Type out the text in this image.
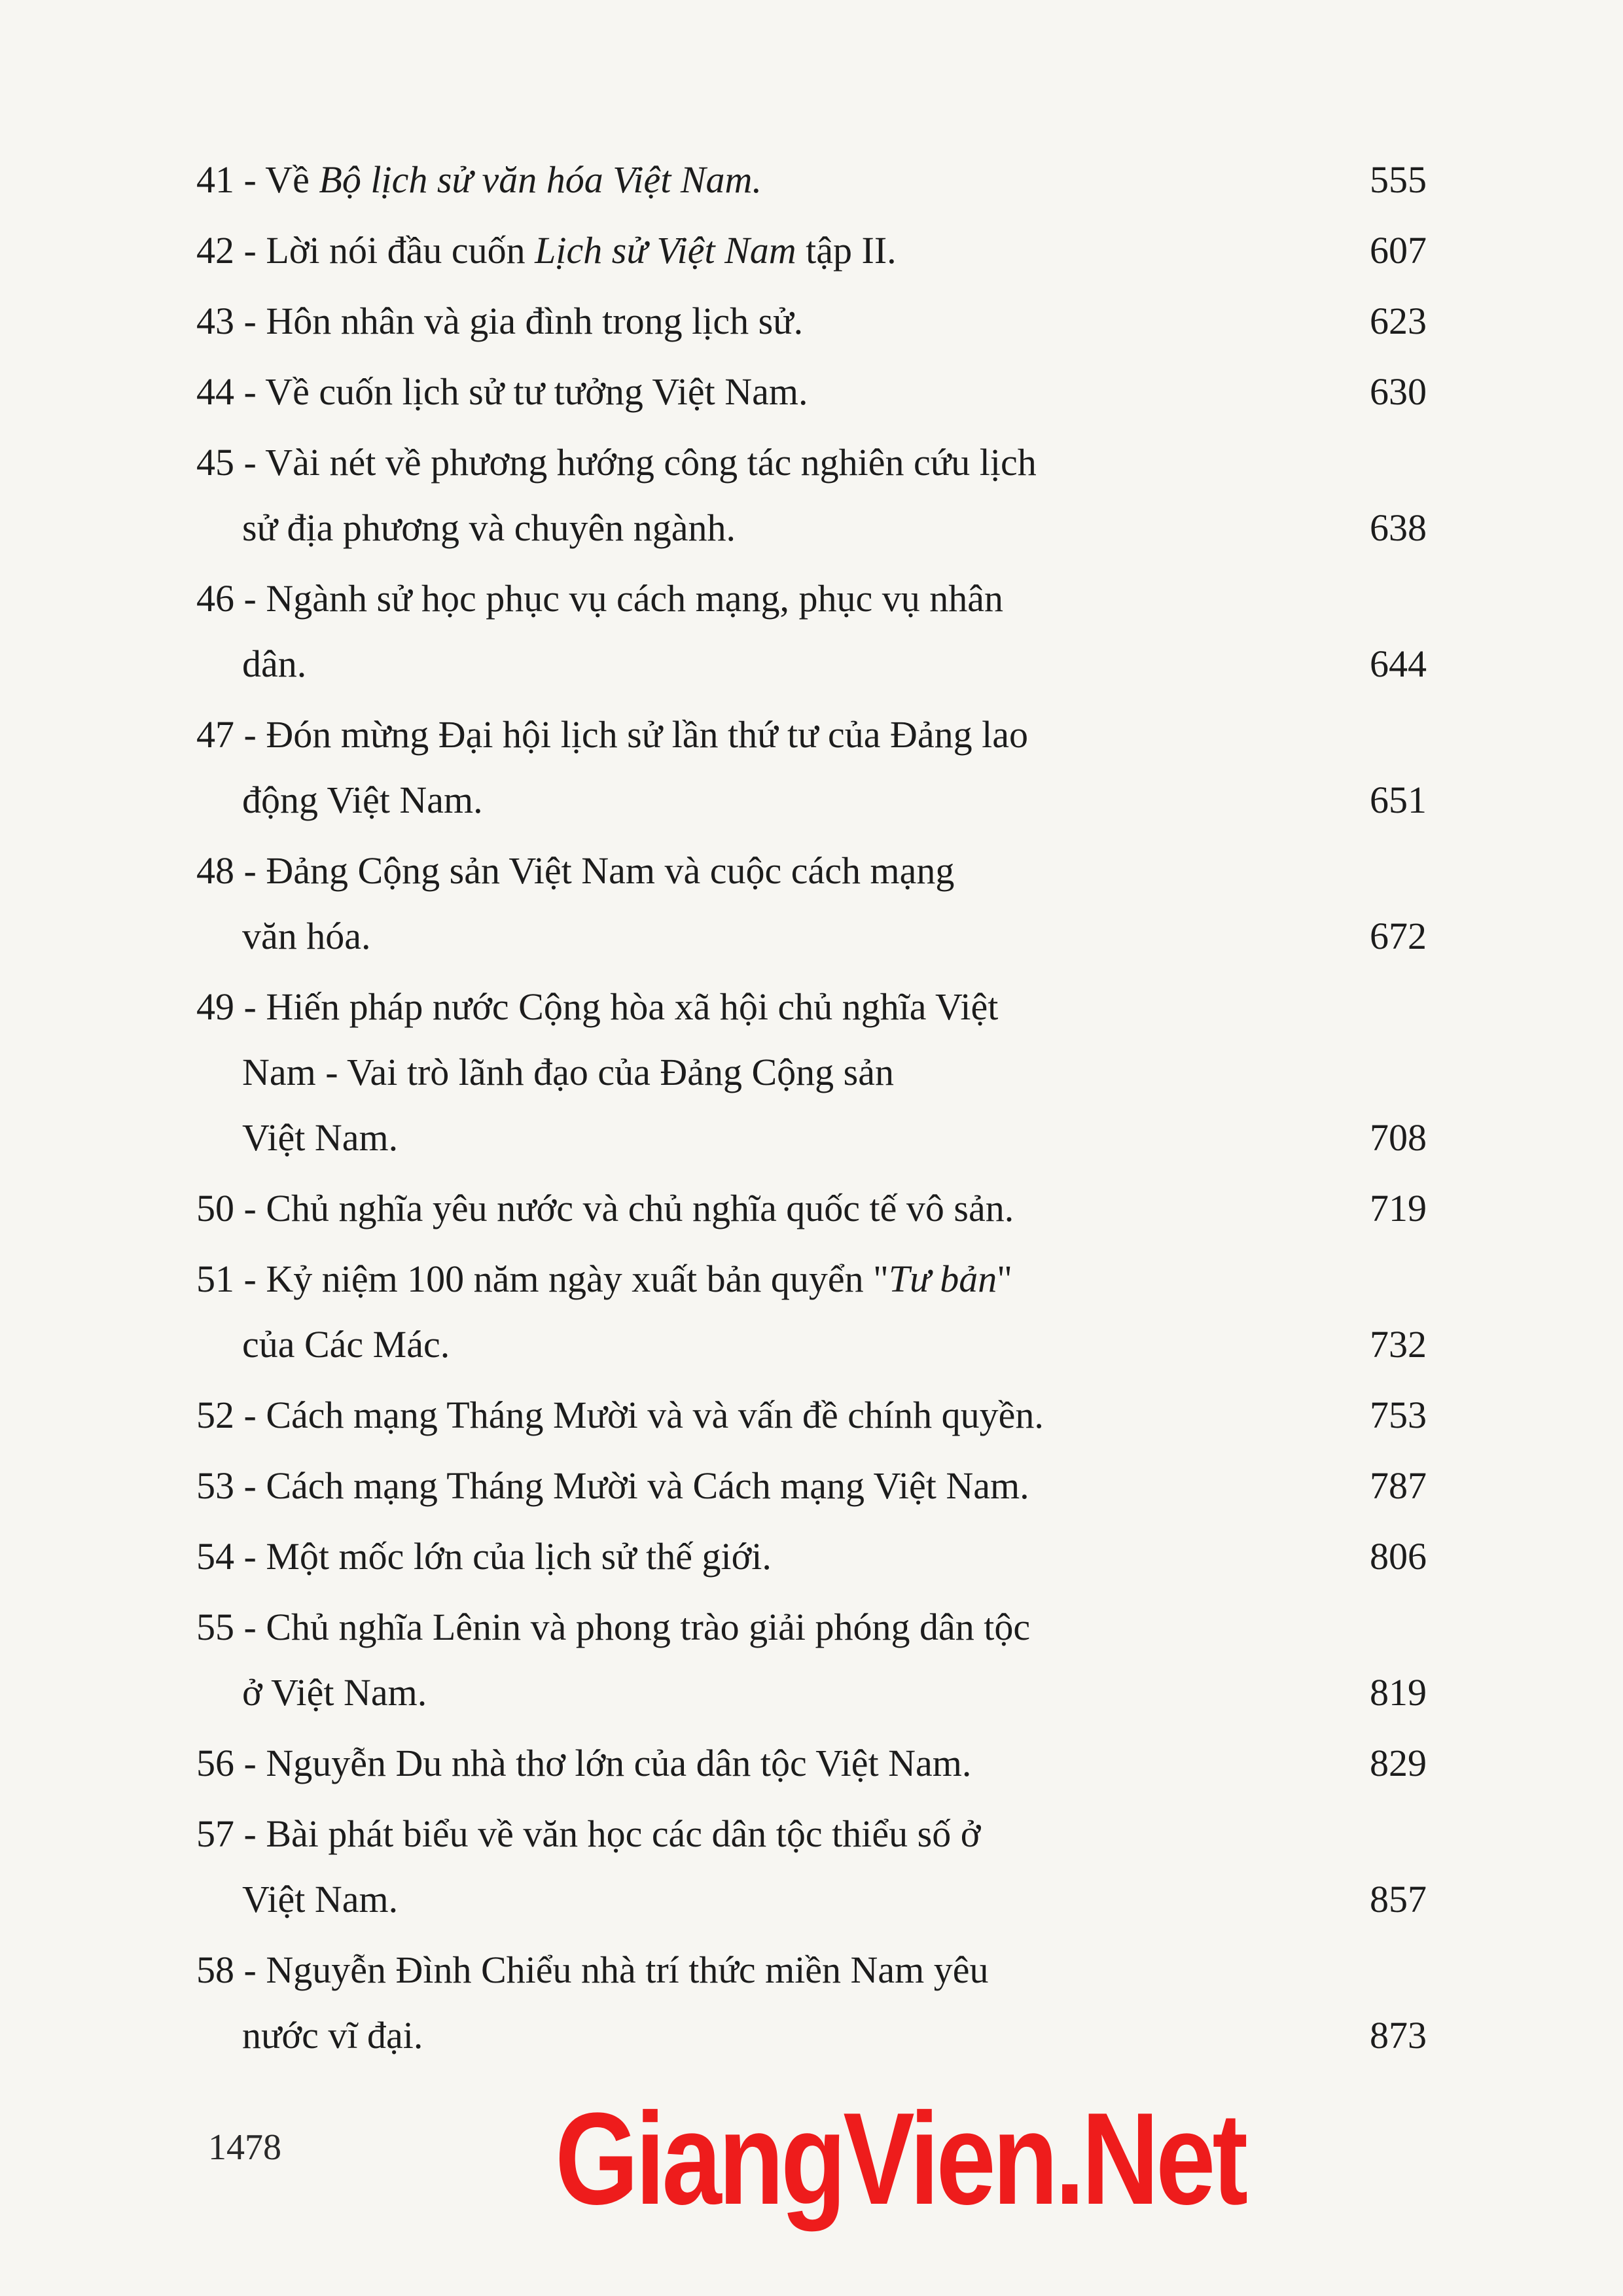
41 - Về Bộ lịch sử văn hóa Việt Nam.	555
42 - Lời nói đầu cuốn Lịch sử Việt Nam tập II.	607
43 - Hôn nhân và gia đình trong lịch sử.	623
44 - Về cuốn lịch sử tư tưởng Việt Nam.	630
45 - Vài nét về phương hướng công tác nghiên cứu lịch
sử địa phương và chuyên ngành.	638
46 - Ngành sử học phục vụ cách mạng, phục vụ nhân
dân.	644
47 - Đón mừng Đại hội lịch sử lần thứ tư của Đảng lao
động Việt Nam.	651
48 - Đảng Cộng sản Việt Nam và cuộc cách mạng
văn hóa.	672
49 - Hiến pháp nước Cộng hòa xã hội chủ nghĩa Việt
Nam - Vai trò lãnh đạo của Đảng Cộng sản
Việt Nam.	708
50 - Chủ nghĩa yêu nước và chủ nghĩa quốc tế vô sản.	719
51 - Kỷ niệm 100 năm ngày xuất bản quyển "Tư bản"
của Các Mác.	732
52 - Cách mạng Tháng Mười và và vấn đề chính quyền.	753
53 - Cách mạng Tháng Mười và Cách mạng Việt Nam.	787
54 - Một mốc lớn của lịch sử thế giới.	806
55 - Chủ nghĩa Lênin và phong trào giải phóng dân tộc
ở Việt Nam.	819
56 - Nguyễn Du nhà thơ lớn của dân tộc Việt Nam.	829
57 - Bài phát biểu về văn học các dân tộc thiểu số ở
Việt Nam.	857
58 - Nguyễn Đình Chiểu nhà trí thức miền Nam yêu
nước vĩ đại.	873
1478 GiangVien.Net
